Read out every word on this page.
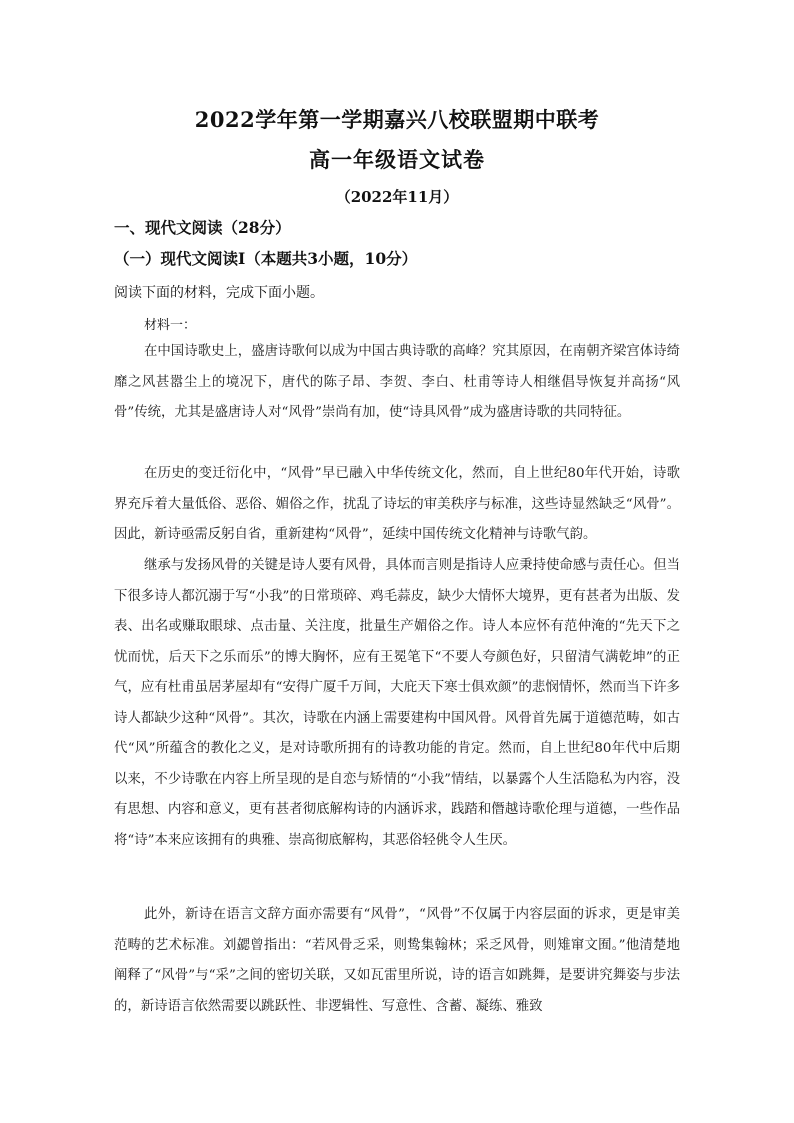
2022学年第一学期嘉兴八校联盟期中联考
高一年级语文试卷
（2022年11月）
一、现代文阅读（28分）
（一）现代文阅读I（本题共3小题，10分）
阅读下面的材料，完成下面小题。
材料一：
在中国诗歌史上，盛唐诗歌何以成为中国古典诗歌的高峰？究其原因，在南朝齐梁宫体诗绮靡之风甚嚣尘上的境况下，唐代的陈子昂、李贺、李白、杜甫等诗人相继倡导恢复并高扬“风骨”传统，尤其是盛唐诗人对“风骨”崇尚有加，使“诗具风骨”成为盛唐诗歌的共同特征。
在历史的变迁衍化中，“风骨”早已融入中华传统文化，然而，自上世纪80年代开始，诗歌界充斥着大量低俗、恶俗、媚俗之作，扰乱了诗坛的审美秩序与标准，这些诗显然缺乏“风骨”。因此，新诗亟需反躬自省，重新建构“风骨”，延续中国传统文化精神与诗歌气韵。
继承与发扬风骨的关键是诗人要有风骨，具体而言则是指诗人应秉持使命感与责任心。但当下很多诗人都沉溺于写“小我”的日常琐碎、鸡毛蒜皮，缺少大情怀大境界，更有甚者为出版、发表、出名或赚取眼球、点击量、关注度，批量生产媚俗之作。诗人本应怀有范仲淹的“先天下之忧而忧，后天下之乐而乐”的博大胸怀，应有王冕笔下“不要人夸颜色好，只留清气满乾坤”的正气，应有杜甫虽居茅屋却有“安得广厦千万间，大庇天下寒士俱欢颜”的悲悯情怀，然而当下许多诗人都缺少这种“风骨”。其次，诗歌在内涵上需要建构中国风骨。风骨首先属于道德范畴，如古代“风”所蕴含的教化之义，是对诗歌所拥有的诗教功能的肯定。然而，自上世纪80年代中后期以来，不少诗歌在内容上所呈现的是自恋与矫情的“小我”情结，以暴露个人生活隐私为内容，没有思想、内容和意义，更有甚者彻底解构诗的内涵诉求，践踏和僭越诗歌伦理与道德，一些作品将“诗”本来应该拥有的典雅、崇高彻底解构，其恶俗轻佻令人生厌。
此外，新诗在语言文辞方面亦需要有“风骨”，“风骨”不仅属于内容层面的诉求，更是审美范畴的艺术标准。刘勰曾指出：“若风骨乏采，则鸷集翰林；采乏风骨，则雉窜文囿。”他清楚地阐释了“风骨”与“采”之间的密切关联，又如瓦雷里所说，诗的语言如跳舞，是要讲究舞姿与步法的，新诗语言依然需要以跳跃性、非逻辑性、写意性、含蓄、凝练、雅致
